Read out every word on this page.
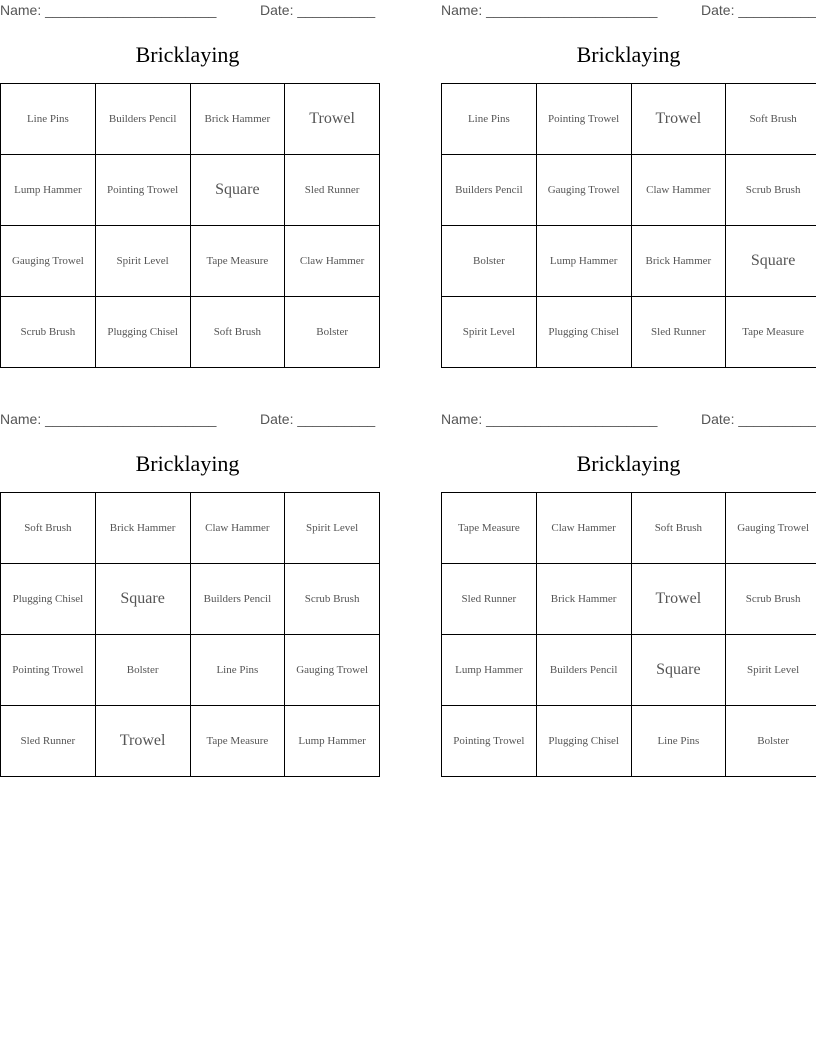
Name: ______________________	Date: __________
Bricklaying
Line Pins	Builders Pencil	Brick Hammer	Trowel
Lump Hammer	Pointing Trowel	Square	Sled Runner
Gauging Trowel	Spirit Level	Tape Measure	Claw Hammer
Scrub Brush	Plugging Chisel	Soft Brush	Bolster
Name: ______________________	Date: __________
Bricklaying
Line Pins	Pointing Trowel	Trowel	Soft Brush
Builders Pencil	Gauging Trowel	Claw Hammer	Scrub Brush
Bolster	Lump Hammer	Brick Hammer	Square
Spirit Level	Plugging Chisel	Sled Runner	Tape Measure
Name: ______________________	Date: __________
Bricklaying
Soft Brush	Brick Hammer	Claw Hammer	Spirit Level
Plugging Chisel	Square	Builders Pencil	Scrub Brush
Pointing Trowel	Bolster	Line Pins	Gauging Trowel
Sled Runner	Trowel	Tape Measure	Lump Hammer
Name: ______________________	Date: __________
Bricklaying
Tape Measure	Claw Hammer	Soft Brush	Gauging Trowel
Sled Runner	Brick Hammer	Trowel	Scrub Brush
Lump Hammer	Builders Pencil	Square	Spirit Level
Pointing Trowel	Plugging Chisel	Line Pins	Bolster
